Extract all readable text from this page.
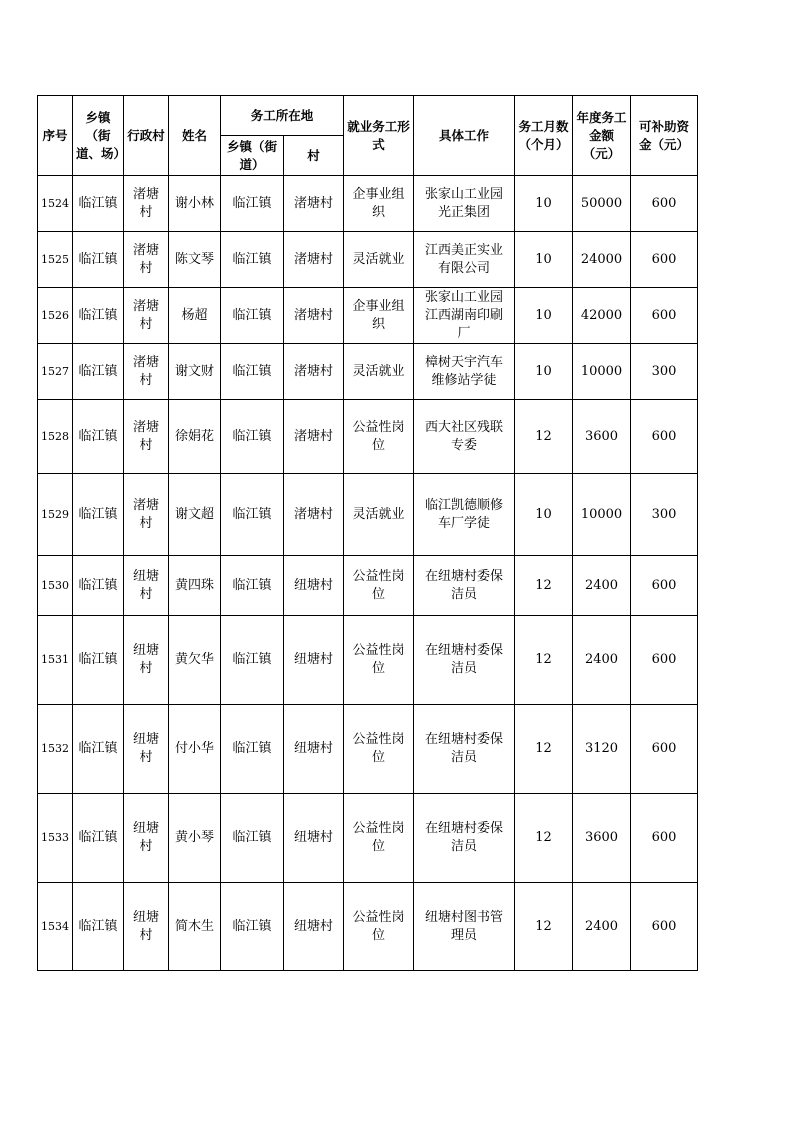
序号	乡镇（街道、场）	行政村	姓名	务工所在地		就业务工形式	具体工作	务工月数（个月）	年度务工金额（元）	可补助资金（元）
				乡镇（街道）	村					
1524	临江镇	渚塘村	谢小林	临江镇	渚塘村	企事业组织	张家山工业园光正集团	10	50000	600
1525	临江镇	渚塘村	陈文琴	临江镇	渚塘村	灵活就业	江西美正实业有限公司	10	24000	600
1526	临江镇	渚塘村	杨超	临江镇	渚塘村	企事业组织	张家山工业园江西湖南印刷厂	10	42000	600
1527	临江镇	渚塘村	谢文财	临江镇	渚塘村	灵活就业	樟树天宇汽车维修站学徒	10	10000	300
1528	临江镇	渚塘村	徐娟花	临江镇	渚塘村	公益性岗位	西大社区残联专委	12	3600	600
1529	临江镇	渚塘村	谢文超	临江镇	渚塘村	灵活就业	临江凯德顺修车厂学徒	10	10000	300
1530	临江镇	纽塘村	黄四珠	临江镇	纽塘村	公益性岗位	在纽塘村委保洁员	12	2400	600
1531	临江镇	纽塘村	黄欠华	临江镇	纽塘村	公益性岗位	在纽塘村委保洁员	12	2400	600
1532	临江镇	纽塘村	付小华	临江镇	纽塘村	公益性岗位	在纽塘村委保洁员	12	3120	600
1533	临江镇	纽塘村	黄小琴	临江镇	纽塘村	公益性岗位	在纽塘村委保洁员	12	3600	600
1534	临江镇	纽塘村	简木生	临江镇	纽塘村	公益性岗位	纽塘村图书管理员	12	2400	600
